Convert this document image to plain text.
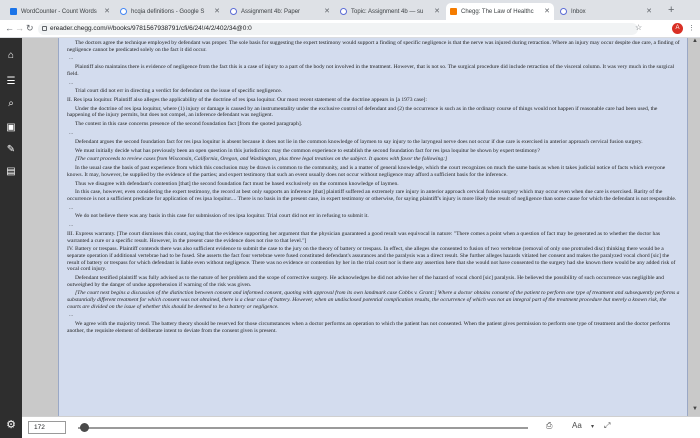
WordCounter - Count Words ✕	hcqia definitions - Google S ✕	Assignment 4b: Paper	✕	Topic: Assignment 4b — su ✕	Chegg: The Law of Healthc ✕	Inbox	✕ +
← → ↻	ereader.chegg.com/#/books/9781567938791/cfi/6/24!/4/2/402/34@0:0	☆	A	⋮
⌂
☰
⌕
▣
✎
▤
⚙

The doctors agree the technique employed by defendant was proper. The sole basis for suggesting the expert testimony would support a finding of specific negligence is that the nerve was injured during retraction. Where an injury may occur despite due care, a finding of negligence cannot be predicated solely on the fact it did occur.

...

Plaintiff also maintains there is evidence of negligence from the fact this is a case of injury to a part of the body not involved in the treatment. However, that is not so. The surgical procedure did include retraction of the visceral column. It was very much in the surgical field.

...

Trial court did not err in directing a verdict for defendant on the issue of specific negligence.

II. Res ipsa loquitur. Plaintiff also alleges the applicability of the doctrine of res ipsa loquitur. Our most recent statement of the doctrine appears in [a 1973 case]:

Under the doctrine of res ipsa loquitur, where (1) injury or damage is caused by an instrumentality under the exclusive control of defendant and (2) the occurrence is such as in the ordinary course of things would not happen if reasonable care had been used, the happening of the injury permits, but does not compel, an inference defendant was negligent.

The contest in this case concerns presence of the second foundation fact [from the quoted paragraph].

...

Defendant argues the second foundation fact for res ipsa loquitur is absent because it does not lie in the common knowledge of laymen to say injury to the laryngeal nerve does not occur if due care is exercised in anterior approach cervical fusion surgery.

We must initially decide what has previously been an open question in this jurisdiction: may the common experience to establish the second foundation fact for res ipsa loquitur be shown by expert testimony?

[The court proceeds to review cases from Wisconsin, California, Oregon, and Washington, plus three legal treatises on the subject. It quotes with favor the following:]

In the usual case the basis of past experience from which this conclusion may be drawn is common to the community, and is a matter of general knowledge, which the court recognizes on much the same basis as when it takes judicial notice of facts which everyone knows. It may, however, be supplied by the evidence of the parties; and expert testimony that such an event usually does not occur without negligence may afford a sufficient basis for the inference.

Thus we disagree with defendant's contention [that] the second foundation fact must be based exclusively on the common knowledge of laymen.

In this case, however, even considering the expert testimony, the record at best only supports an inference [that] plaintiff suffered an extremely rare injury in anterior approach cervical fusion surgery which may occur even when due care is exercised. Rarity of the occurrence is not a sufficient predicate for application of res ipsa loquitur.... There is no basis in the present case, in expert testimony or otherwise, for saying plaintiff's injury is more likely the result of negligence than some cause for which the defendant is not responsible.

...

We do not believe there was any basis in this case for submission of res ipsa loquitur. Trial court did not err in refusing to submit it.

...

III. Express warranty. [The court dismisses this count, saying that the evidence supporting her argument that the physician guaranteed a good result was equivocal in nature: "There comes a point when a question of fact may be generated as to whether the doctor has warranted a cure or a specific result. However, in the present case the evidence does not rise to that level."]

IV. Battery or trespass. Plaintiff contends there was also sufficient evidence to submit the case to the jury on the theory of battery or trespass. In effect, she alleges she consented to fusion of two vertebrae (removal of only one protruded disc) thinking there would be a separate operation if additional vertebrae had to be fused. She asserts the fact four vertebrae were fused constituted defendant's assurances and the paralysis was a direct result. She further alleges hazards vitiated her consent and makes the paralyzed vocal chord [sic] the result of battery or trespass for which defendant is liable even without negligence. There was no evidence or contention by her in the trial court nor is there any assertion here that she would not have consented to the surgery had she known there would be any added risk of vocal cord injury.

Defendant testified plaintiff was fully advised as to the nature of her problem and the scope of corrective surgery. He acknowledges he did not advise her of the hazard of vocal chord [sic] paralysis. He believed the possibility of such occurrence was negligible and outweighed by the danger of undue apprehension if warning of the risk was given.

[The court next begins a discussion of the distinction between consent and informed consent, quoting with approval from its own landmark case Cobbs v. Grant:] Where a doctor obtains consent of the patient to perform one type of treatment and subsequently performs a substantially different treatment for which consent was not obtained, there is a clear case of battery. However, when an undisclosed potential complication results, the occurrence of which was not an integral part of the treatment procedure but merely a known risk, the courts are divided on the issue of whether this should be deemed to be a battery or negligence.

...

We agree with the majority trend. The battery theory should be reserved for those circumstances when a doctor performs an operation to which the patient has not consented. When the patient gives permission to perform one type of treatment and the doctor performs another, the requisite element of deliberate intent to deviate from the consent given is present.

▲
▼
172	⎙ Aa ▾ ⤢
